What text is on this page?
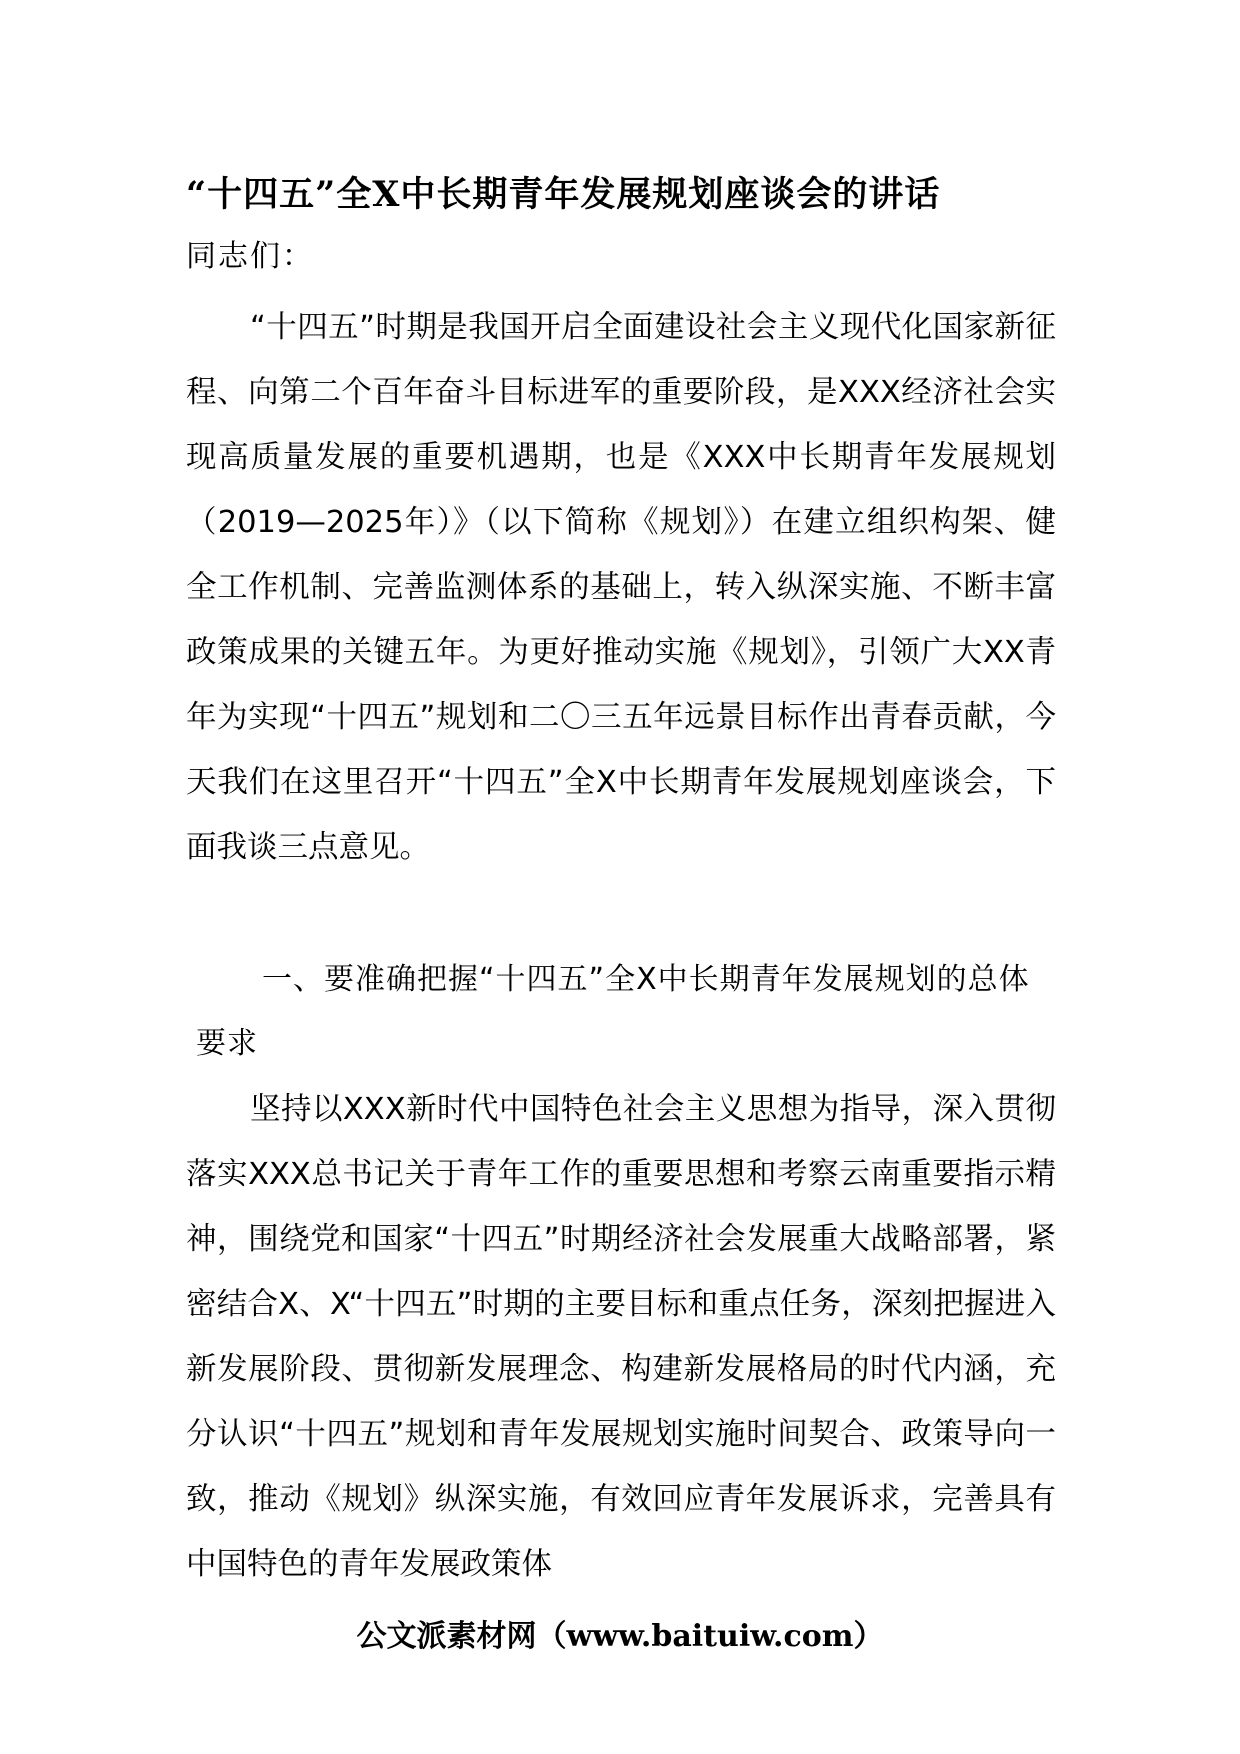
“十四五”全X中长期青年发展规划座谈会的讲话
同志们：

“十四五”时期是我国开启全面建设社会主义现代化国家新征程、向第二个百年奋斗目标进军的重要阶段，是XXX经济社会实现高质量发展的重要机遇期，也是《XXX中长期青年发展规划（2019—2025年）》（以下简称《规划》）在建立组织构架、健全工作机制、完善监测体系的基础上，转入纵深实施、不断丰富政策成果的关键五年。为更好推动实施《规划》，引领广大XX青年为实现“十四五”规划和二〇三五年远景目标作出青春贡献，今天我们在这里召开“十四五”全X中长期青年发展规划座谈会，下面我谈三点意见。

一、要准确把握“十四五”全X中长期青年发展规划的总体要求

坚持以XXX新时代中国特色社会主义思想为指导，深入贯彻落实XXX总书记关于青年工作的重要思想和考察云南重要指示精神，围绕党和国家“十四五”时期经济社会发展重大战略部署，紧密结合X、X“十四五”时期的主要目标和重点任务，深刻把握进入新发展阶段、贯彻新发展理念、构建新发展格局的时代内涵，充分认识“十四五”规划和青年发展规划实施时间契合、政策导向一致，推动《规划》纵深实施，有效回应青年发展诉求，完善具有中国特色的青年发展政策体

公文派素材网（www.baituiw.com）
